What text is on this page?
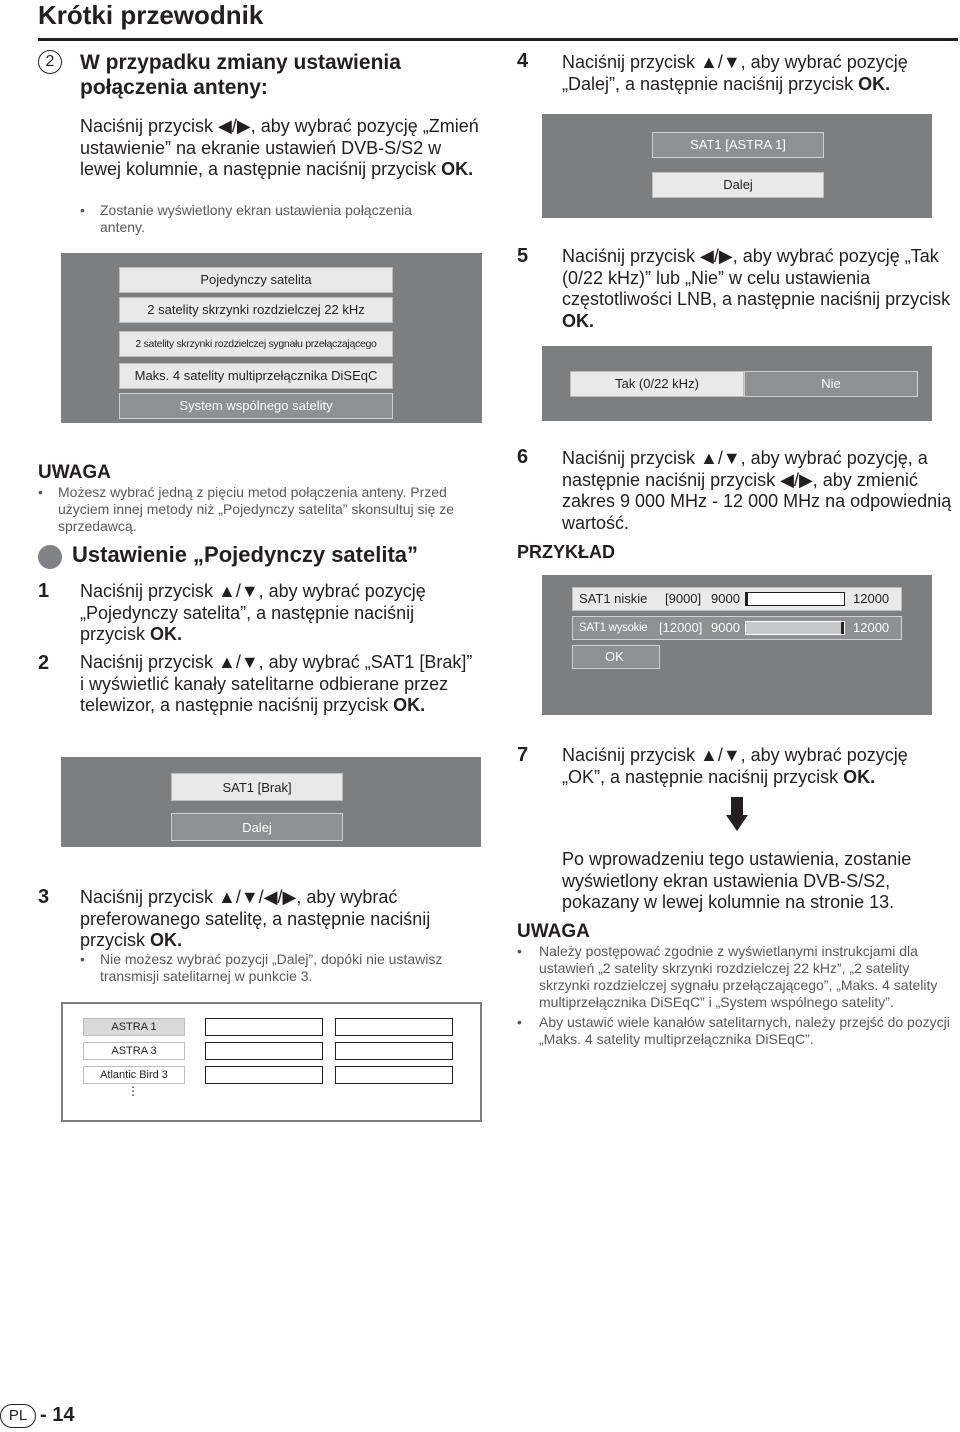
Krótki przewodnik
2	W przypadku zmiany ustawienia połączenia anteny:
Naciśnij przycisk ◀/▶, aby wybrać pozycję „Zmień ustawienie” na ekranie ustawień DVB-S/S2 w lewej kolumnie, a następnie naciśnij przycisk OK.
• Zostanie wyświetlony ekran ustawienia połączenia anteny.
Pojedynczy satelita
2 satelity skrzynki rozdzielczej 22 kHz
2 satelity skrzynki rozdzielczej sygnału przełączającego
Maks. 4 satelity multiprzełącznika DiSEqC
System wspólnego satelity
UWAGA
• Możesz wybrać jedną z pięciu metod połączenia anteny. Przed użyciem innej metody niż „Pojedynczy satelita” skonsultuj się ze sprzedawcą.
Ustawienie „Pojedynczy satelita”
1 Naciśnij przycisk ▲/▼, aby wybrać pozycję „Pojedynczy satelita”, a następnie naciśnij przycisk OK.
2 Naciśnij przycisk ▲/▼, aby wybrać „SAT1 [Brak]” i wyświetlić kanały satelitarne odbierane przez telewizor, a następnie naciśnij przycisk OK.
SAT1 [Brak]
Dalej
3 Naciśnij przycisk ▲/▼/◀/▶, aby wybrać preferowanego satelitę, a następnie naciśnij przycisk OK.
• Nie możesz wybrać pozycji „Dalej”, dopóki nie ustawisz transmisji satelitarnej w punkcie 3.
ASTRA 1
ASTRA 3
Atlantic Bird 3
⋮
4 Naciśnij przycisk ▲/▼, aby wybrać pozycję „Dalej”, a następnie naciśnij przycisk OK.
SAT1 [ASTRA 1]
Dalej
5 Naciśnij przycisk ◀/▶, aby wybrać pozycję „Tak (0/22 kHz)” lub „Nie” w celu ustawienia częstotliwości LNB, a następnie naciśnij przycisk OK.
Tak (0/22 kHz)	Nie
6 Naciśnij przycisk ▲/▼, aby wybrać pozycję, a następnie naciśnij przycisk ◀/▶, aby zmienić zakres 9 000 MHz - 12 000 MHz na odpowiednią wartość.
PRZYKŁAD
SAT1 niskie [9000] 9000	12000
SAT1 wysokie [12000] 9000	12000
OK
7 Naciśnij przycisk ▲/▼, aby wybrać pozycję „OK”, a następnie naciśnij przycisk OK.
Po wprowadzeniu tego ustawienia, zostanie wyświetlony ekran ustawienia DVB-S/S2, pokazany w lewej kolumnie na stronie 13.
UWAGA
• Należy postępować zgodnie z wyświetlanymi instrukcjami dla ustawień „2 satelity skrzynki rozdzielczej 22 kHz”, „2 satelity skrzynki rozdzielczej sygnału przełączającego”, „Maks. 4 satelity multiprzełącznika DiSEqC” i „System wspólnego satelity”.
• Aby ustawić wiele kanałów satelitarnych, należy przejść do pozycji „Maks. 4 satelity multiprzełącznika DiSEqC”.
PL - 14
